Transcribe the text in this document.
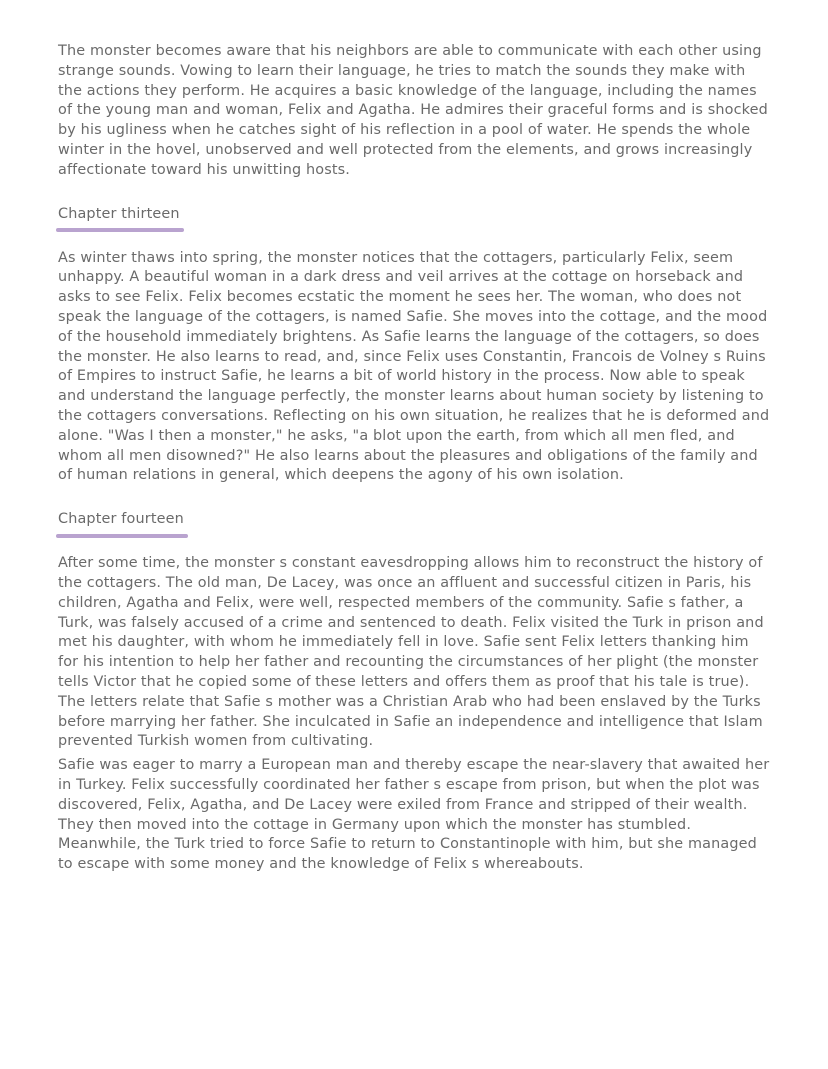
The monster becomes aware that his neighbors are able to communicate with each other using strange sounds. Vowing to learn their language, he tries to match the sounds they make with the actions they perform. He acquires a basic knowledge of the language, including the names of the young man and woman, Felix and Agatha. He admires their graceful forms and is shocked by his ugliness when he catches sight of his reflection in a pool of water. He spends the whole winter in the hovel, unobserved and well protected from the elements, and grows increasingly affectionate toward his unwitting hosts.

Chapter thirteen

As winter thaws into spring, the monster notices that the cottagers, particularly Felix, seem unhappy. A beautiful woman in a dark dress and veil arrives at the cottage on horseback and asks to see Felix. Felix becomes ecstatic the moment he sees her. The woman, who does not speak the language of the cottagers, is named Safie. She moves into the cottage, and the mood of the household immediately brightens. As Safie learns the language of the cottagers, so does the monster. He also learns to read, and, since Felix uses Constantin, Francois de Volney s Ruins of Empires to instruct Safie, he learns a bit of world history in the process. Now able to speak and understand the language perfectly, the monster learns about human society by listening to the cottagers conversations. Reflecting on his own situation, he realizes that he is deformed and alone. "Was I then a monster," he asks, "a blot upon the earth, from which all men fled, and whom all men disowned?" He also learns about the pleasures and obligations of the family and of human relations in general, which deepens the agony of his own isolation.

Chapter fourteen

After some time, the monster s constant eavesdropping allows him to reconstruct the history of the cottagers. The old man, De Lacey, was once an affluent and successful citizen in Paris, his children, Agatha and Felix, were well, respected members of the community. Safie s father, a Turk, was falsely accused of a crime and sentenced to death. Felix visited the Turk in prison and met his daughter, with whom he immediately fell in love. Safie sent Felix letters thanking him for his intention to help her father and recounting the circumstances of her plight (the monster tells Victor that he copied some of these letters and offers them as proof that his tale is true). The letters relate that Safie s mother was a Christian Arab who had been enslaved by the Turks before marrying her father. She inculcated in Safie an independence and intelligence that Islam prevented Turkish women from cultivating.

Safie was eager to marry a European man and thereby escape the near-slavery that awaited her in Turkey. Felix successfully coordinated her father s escape from prison, but when the plot was discovered, Felix, Agatha, and De Lacey were exiled from France and stripped of their wealth. They then moved into the cottage in Germany upon which the monster has stumbled. Meanwhile, the Turk tried to force Safie to return to Constantinople with him, but she managed to escape with some money and the knowledge of Felix s whereabouts.
